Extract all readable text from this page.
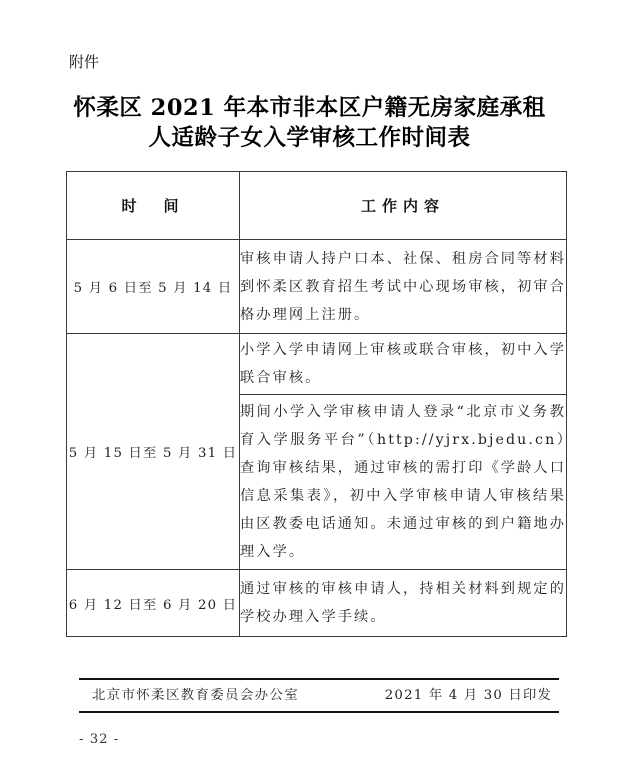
附件
怀柔区 2021 年本市非本区户籍无房家庭承租
人适龄子女入学审核工作时间表
时　间	工作内容
5 月 6 日至 5 月 14 日	审核申请人持户口本、社保、租房合同等材料到怀柔区教育招生考试中心现场审核，初审合格办理网上注册。
5 月 15 日至 5 月 31 日	小学入学申请网上审核或联合审核，初中入学联合审核。
	期间小学入学审核申请人登录“北京市义务教育入学服务平台”（http://yjrx.bjedu.cn）查询审核结果，通过审核的需打印《学龄人口信息采集表》，初中入学审核申请人审核结果由区教委电话通知。未通过审核的到户籍地办理入学。
6 月 12 日至 6 月 20 日	通过审核的审核申请人，持相关材料到规定的学校办理入学手续。
北京市怀柔区教育委员会办公室	2021 年 4 月 30 日印发
- 32 -
